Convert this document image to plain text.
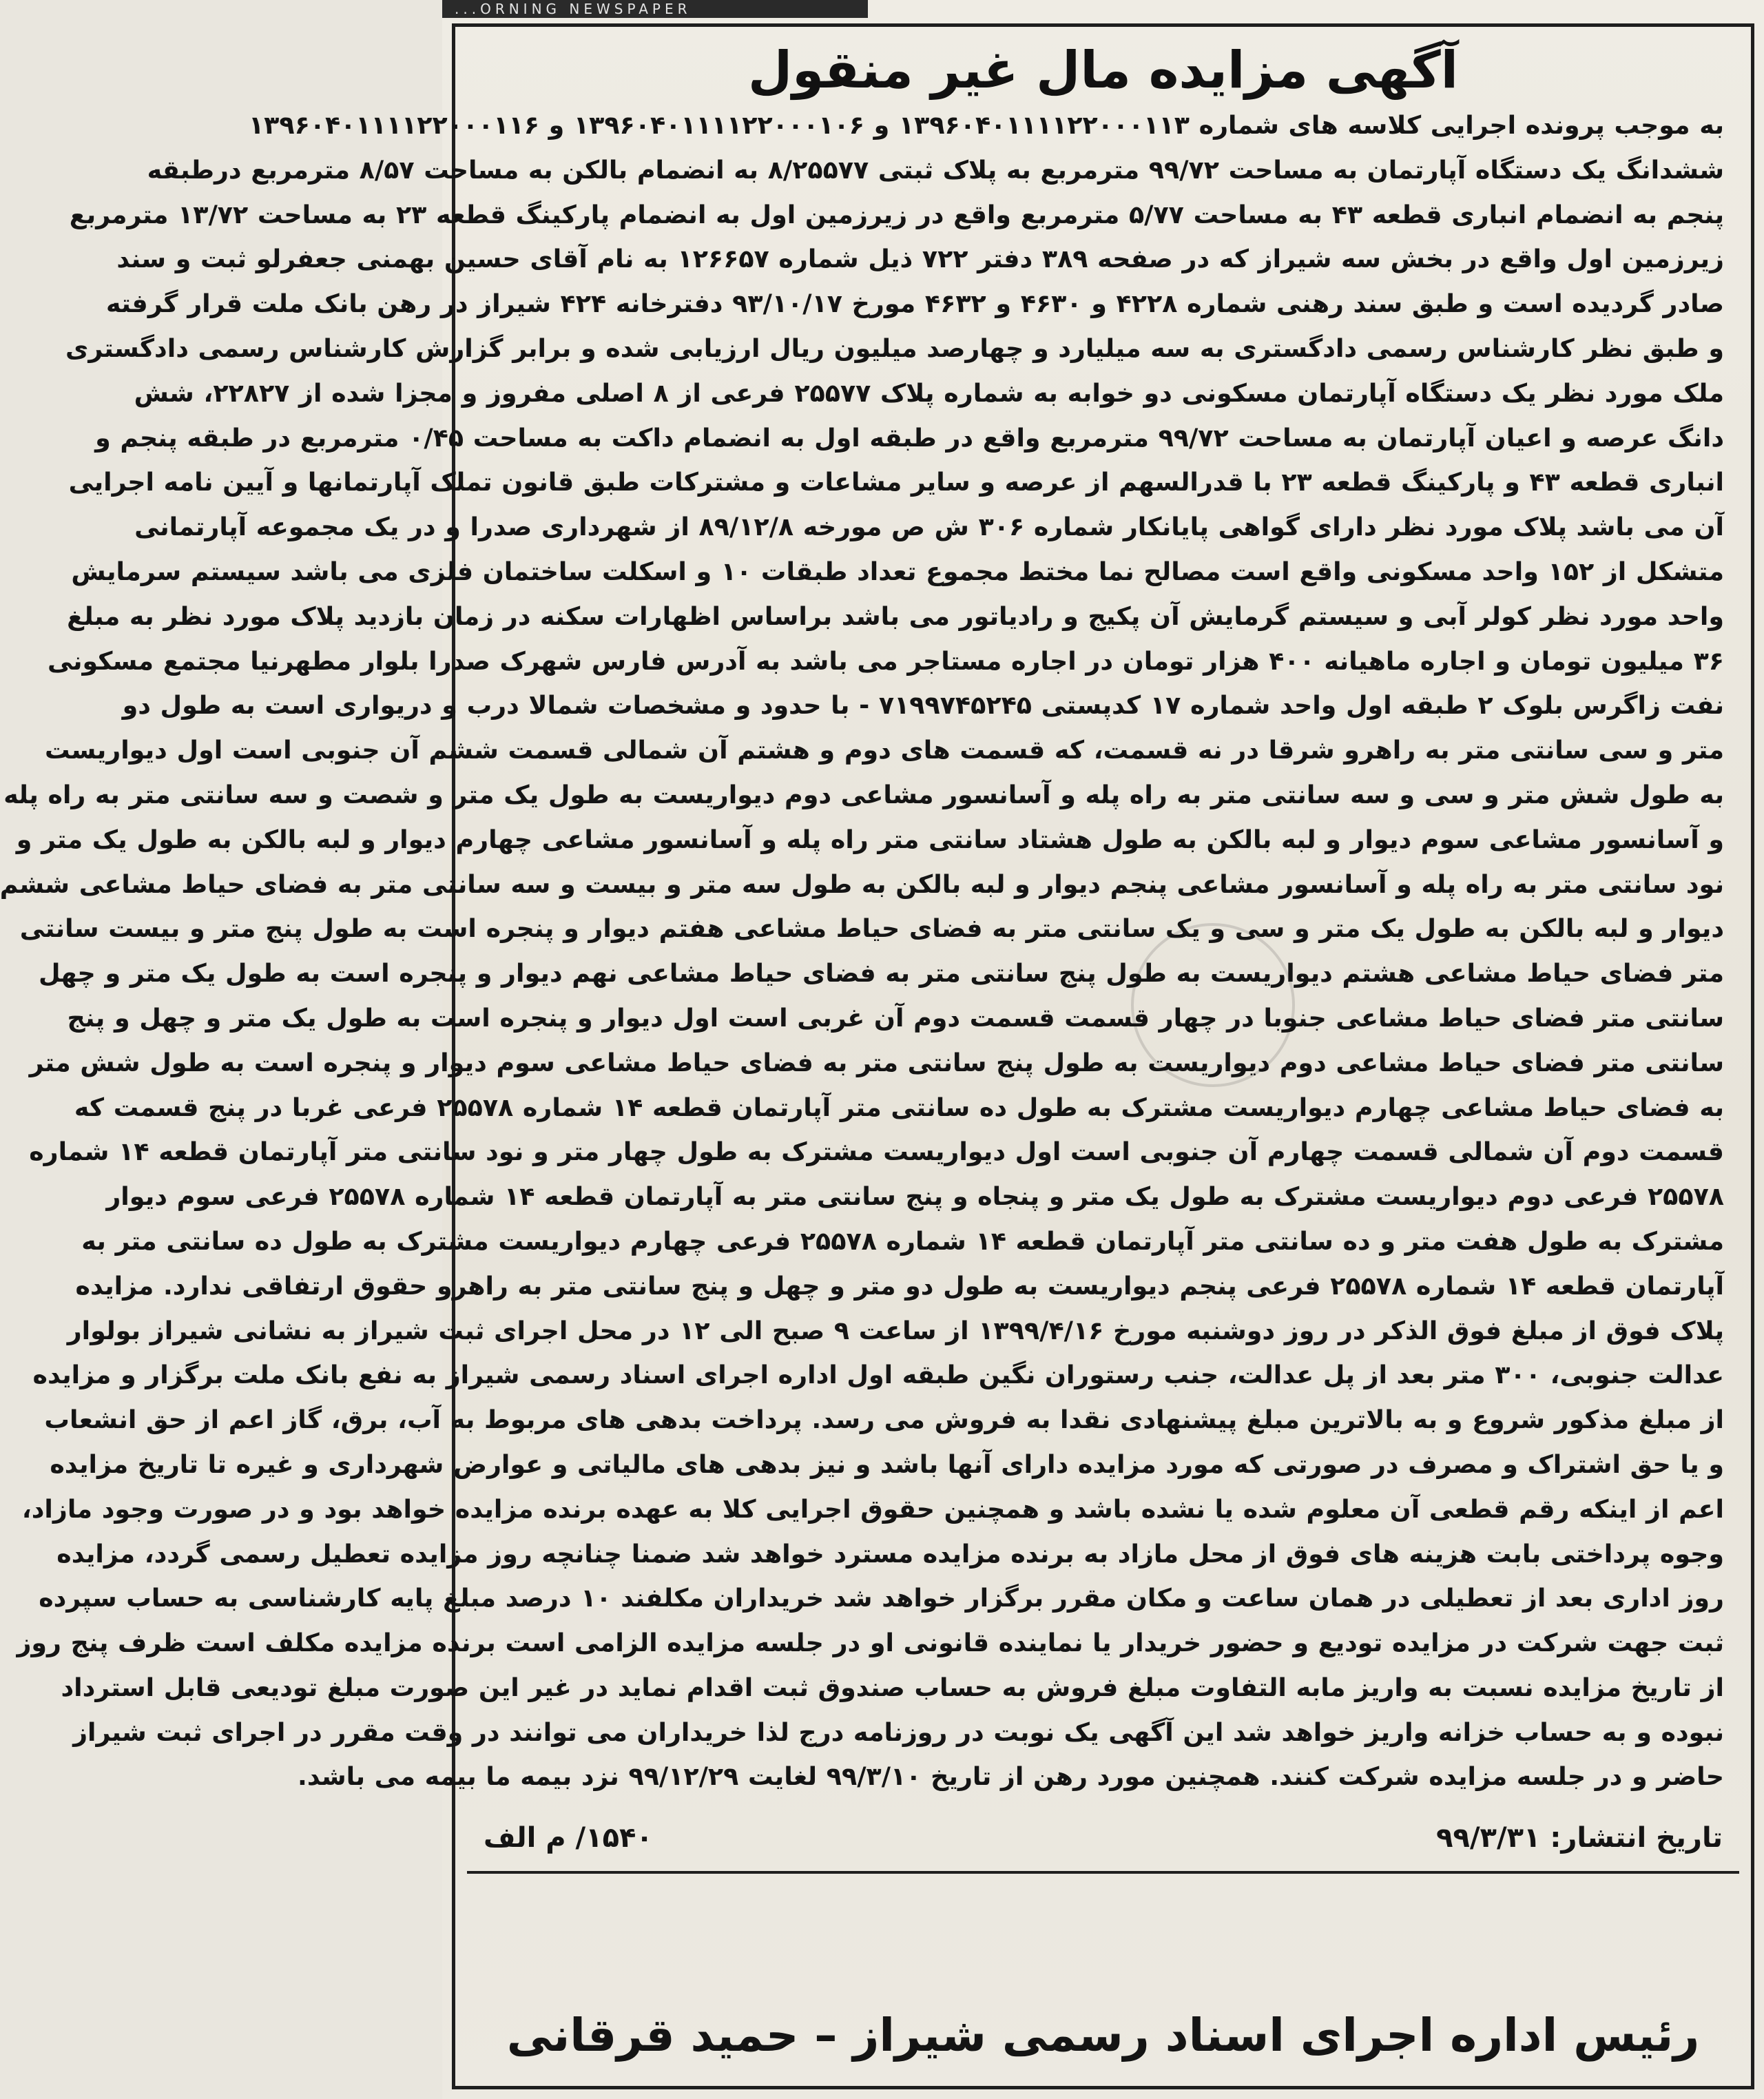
...ORNING NEWSPAPER
آگهی مزایده مال غیر منقول
به موجب پرونده اجرایی کلاسه های شماره ۱۳۹۶۰۴۰۱۱۱۱۲۲۰۰۰۱۱۳ و ۱۳۹۶۰۴۰۱۱۱۱۲۲۰۰۰۱۰۶ و ۱۳۹۶۰۴۰۱۱۱۱۲۲۰۰۰۱۱۶
ششدانگ یک دستگاه آپارتمان به مساحت ۹۹/۷۲ مترمربع به پلاک ثبتی ۸/۲۵۵۷۷ به انضمام بالکن به مساحت ۸/۵۷ مترمربع درطبقه
پنجم به انضمام انباری قطعه ۴۳ به مساحت ۵/۷۷ مترمربع واقع در زیرزمین اول به انضمام پارکینگ قطعه ۲۳ به مساحت ۱۳/۷۲ مترمربع
زیرزمین اول واقع در بخش سه شیراز که در صفحه ۳۸۹ دفتر ۷۲۲ ذیل شماره ۱۲۶۶۵۷ به نام آقای حسین بهمنی جعفرلو ثبت و سند
صادر گردیده است و طبق سند رهنی شماره ۴۲۲۸ و ۴۶۳۰ و ۴۶۳۲ مورخ ۹۳/۱۰/۱۷ دفترخانه ۴۲۴ شیراز در رهن بانک ملت قرار گرفته
و طبق نظر کارشناس رسمی دادگستری به سه میلیارد و چهارصد میلیون ریال ارزیابی شده و برابر گزارش کارشناس رسمی دادگستری
ملک مورد نظر یک دستگاه آپارتمان مسکونی دو خوابه به شماره پلاک ۲۵۵۷۷ فرعی از ۸ اصلی مفروز و مجزا شده از ۲۲۸۲۷، شش
دانگ عرصه و اعیان آپارتمان به مساحت ۹۹/۷۲ مترمربع واقع در طبقه اول به انضمام داکت به مساحت ۰/۴۵ مترمربع در طبقه پنجم و
انباری قطعه ۴۳ و پارکینگ قطعه ۲۳ با قدرالسهم از عرصه و سایر مشاعات و مشترکات طبق قانون تملک آپارتمانها و آیین نامه اجرایی
آن می باشد پلاک مورد نظر دارای گواهی پایانکار شماره ۳۰۶ ش ص مورخه ۸۹/۱۲/۸ از شهرداری صدرا و در یک مجموعه آپارتمانی
متشکل از ۱۵۲ واحد مسکونی واقع است مصالح نما مختط مجموع تعداد طبقات ۱۰ و اسکلت ساختمان فلزی می باشد سیستم سرمایش
واحد مورد نظر کولر آبی و سیستم گرمایش آن پکیج و رادیاتور می باشد براساس اظهارات سکنه در زمان بازدید پلاک مورد نظر به مبلغ
۳۶ میلیون تومان و اجاره ماهیانه ۴۰۰ هزار تومان در اجاره مستاجر می باشد به آدرس فارس شهرک صدرا بلوار مطهرنیا مجتمع مسکونی
نفت زاگرس بلوک ۲ طبقه اول واحد شماره ۱۷ کدپستی ۷۱۹۹۷۴۵۲۴۵ - با حدود و مشخصات شمالا درب و دریواری است به طول دو
متر و سی سانتی متر به راهرو شرقا در نه قسمت، که قسمت های دوم و هشتم آن شمالی قسمت ششم آن جنوبی است اول دیواریست
به طول شش متر و سی و سه سانتی متر به راه پله و آسانسور مشاعی دوم دیواریست به طول یک متر و شصت و سه سانتی متر به راه پله
و آسانسور مشاعی سوم دیوار و لبه بالکن به طول هشتاد سانتی متر راه پله و آسانسور مشاعی چهارم دیوار و لبه بالکن به طول یک متر و
نود سانتی متر به راه پله و آسانسور مشاعی پنجم دیوار و لبه بالکن به طول سه متر و بیست و سه سانتی متر به فضای حیاط مشاعی ششم
دیوار و لبه بالکن به طول یک متر و سی و یک سانتی متر به فضای حیاط مشاعی هفتم دیوار و پنجره است به طول پنج متر و بیست سانتی
متر فضای حیاط مشاعی هشتم دیواریست به طول پنج سانتی متر به فضای حیاط مشاعی نهم دیوار و پنجره است به طول یک متر و چهل
سانتی متر فضای حیاط مشاعی جنوبا در چهار قسمت قسمت دوم آن غربی است اول دیوار و پنجره است به طول یک متر و چهل و پنج
سانتی متر فضای حیاط مشاعی دوم دیواریست به طول پنج سانتی متر به فضای حیاط مشاعی سوم دیوار و پنجره است به طول شش متر
به فضای حیاط مشاعی چهارم دیواریست مشترک به طول ده سانتی متر آپارتمان قطعه ۱۴ شماره ۲۵۵۷۸ فرعی غربا در پنج قسمت که
قسمت دوم آن شمالی قسمت چهارم آن جنوبی است اول دیواریست مشترک به طول چهار متر و نود سانتی متر آپارتمان قطعه ۱۴ شماره
۲۵۵۷۸ فرعی دوم دیواریست مشترک به طول یک متر و پنجاه و پنج سانتی متر به آپارتمان قطعه ۱۴ شماره ۲۵۵۷۸ فرعی سوم دیوار
مشترک به طول هفت متر و ده سانتی متر آپارتمان قطعه ۱۴ شماره ۲۵۵۷۸ فرعی چهارم دیواریست مشترک به طول ده سانتی متر به
آپارتمان قطعه ۱۴ شماره ۲۵۵۷۸ فرعی پنجم دیواریست به طول دو متر و چهل و پنج سانتی متر به راهرو حقوق ارتفاقی ندارد. مزایده
پلاک فوق از مبلغ فوق الذکر در روز دوشنبه مورخ ۱۳۹۹/۴/۱۶ از ساعت ۹ صبح الی ۱۲ در محل اجرای ثبت شیراز به نشانی شیراز بولوار
عدالت جنوبی، ۳۰۰ متر بعد از پل عدالت، جنب رستوران نگین طبقه اول اداره اجرای اسناد رسمی شیراز به نفع بانک ملت برگزار و مزایده
از مبلغ مذکور شروع و به بالاترین مبلغ پیشنهادی نقدا به فروش می رسد. پرداخت بدهی های مربوط به آب، برق، گاز اعم از حق انشعاب
و یا حق اشتراک و مصرف در صورتی که مورد مزایده دارای آنها باشد و نیز بدهی های مالیاتی و عوارض شهرداری و غیره تا تاریخ مزایده
اعم از اینکه رقم قطعی آن معلوم شده یا نشده باشد و همچنین حقوق اجرایی کلا به عهده برنده مزایده خواهد بود و در صورت وجود مازاد،
وجوه پرداختی بابت هزینه های فوق از محل مازاد به برنده مزایده مسترد خواهد شد ضمنا چنانچه روز مزایده تعطیل رسمی گردد، مزایده
روز اداری بعد از تعطیلی در همان ساعت و مکان مقرر برگزار خواهد شد خریداران مکلفند ۱۰ درصد مبلغ پایه کارشناسی به حساب سپرده
ثبت جهت شرکت در مزایده تودیع و حضور خریدار یا نماینده قانونی او در جلسه مزایده الزامی است برنده مزایده مکلف است ظرف پنج روز
از تاریخ مزایده نسبت به واریز مابه التفاوت مبلغ فروش به حساب صندوق ثبت اقدام نماید در غیر این صورت مبلغ تودیعی قابل استرداد
نبوده و به حساب خزانه واریز خواهد شد این آگهی یک نوبت در روزنامه درج لذا خریداران می توانند در وقت مقرر در اجرای ثبت شیراز
حاضر و در جلسه مزایده شرکت کنند. همچنین مورد رهن از تاریخ ۹۹/۳/۱۰ لغایت ۹۹/۱۲/۲۹ نزد بیمه ما بیمه می باشد.
تاریخ انتشار: ۹۹/۳/۳۱
۱۵۴۰/ م الف
رئیس اداره اجرای اسناد رسمی شیراز – حمید قرقانی
